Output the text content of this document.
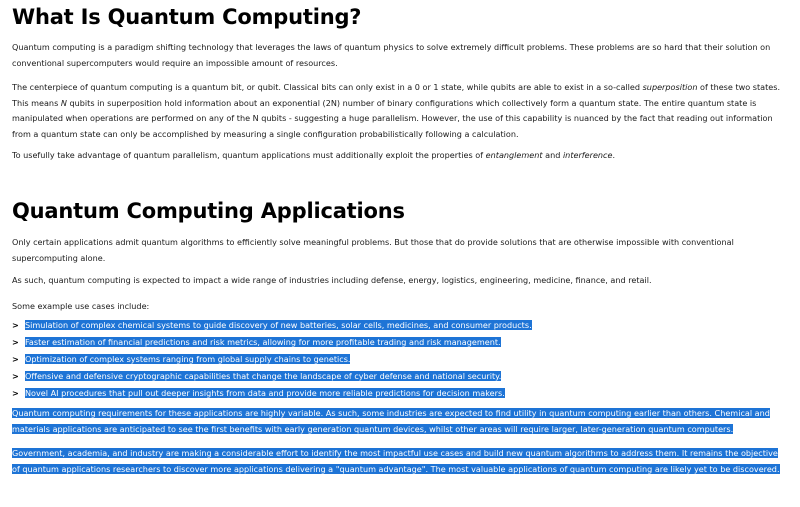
What Is Quantum Computing?

Quantum computing is a paradigm shifting technology that leverages the laws of quantum physics to solve extremely difficult problems. These problems are so hard that their solution on conventional supercomputers would require an impossible amount of resources.

The centerpiece of quantum computing is a quantum bit, or qubit. Classical bits can only exist in a 0 or 1 state, while qubits are able to exist in a so-called superposition of these two states. This means N qubits in superposition hold information about an exponential (2N) number of binary configurations which collectively form a quantum state. The entire quantum state is manipulated when operations are performed on any of the N qubits - suggesting a huge parallelism. However, the use of this capability is nuanced by the fact that reading out information from a quantum state can only be accomplished by measuring a single configuration probabilistically following a calculation.

To usefully take advantage of quantum parallelism, quantum applications must additionally exploit the properties of entanglement and interference.

Quantum Computing Applications

Only certain applications admit quantum algorithms to efficiently solve meaningful problems. But those that do provide solutions that are otherwise impossible with conventional supercomputing alone.

As such, quantum computing is expected to impact a wide range of industries including defense, energy, logistics, engineering, medicine, finance, and retail.

Some example use cases include:

> Simulation of complex chemical systems to guide discovery of new batteries, solar cells, medicines, and consumer products.
> Faster estimation of financial predictions and risk metrics, allowing for more profitable trading and risk management.
> Optimization of complex systems ranging from global supply chains to genetics.
> Offensive and defensive cryptographic capabilities that change the landscape of cyber defense and national security.
> Novel AI procedures that pull out deeper insights from data and provide more reliable predictions for decision makers.

Quantum computing requirements for these applications are highly variable. As such, some industries are expected to find utility in quantum computing earlier than others. Chemical and materials applications are anticipated to see the first benefits with early generation quantum devices, whilst other areas will require larger, later-generation quantum computers.

Government, academia, and industry are making a considerable effort to identify the most impactful use cases and build new quantum algorithms to address them. It remains the objective of quantum applications researchers to discover more applications delivering a "quantum advantage". The most valuable applications of quantum computing are likely yet to be discovered.
